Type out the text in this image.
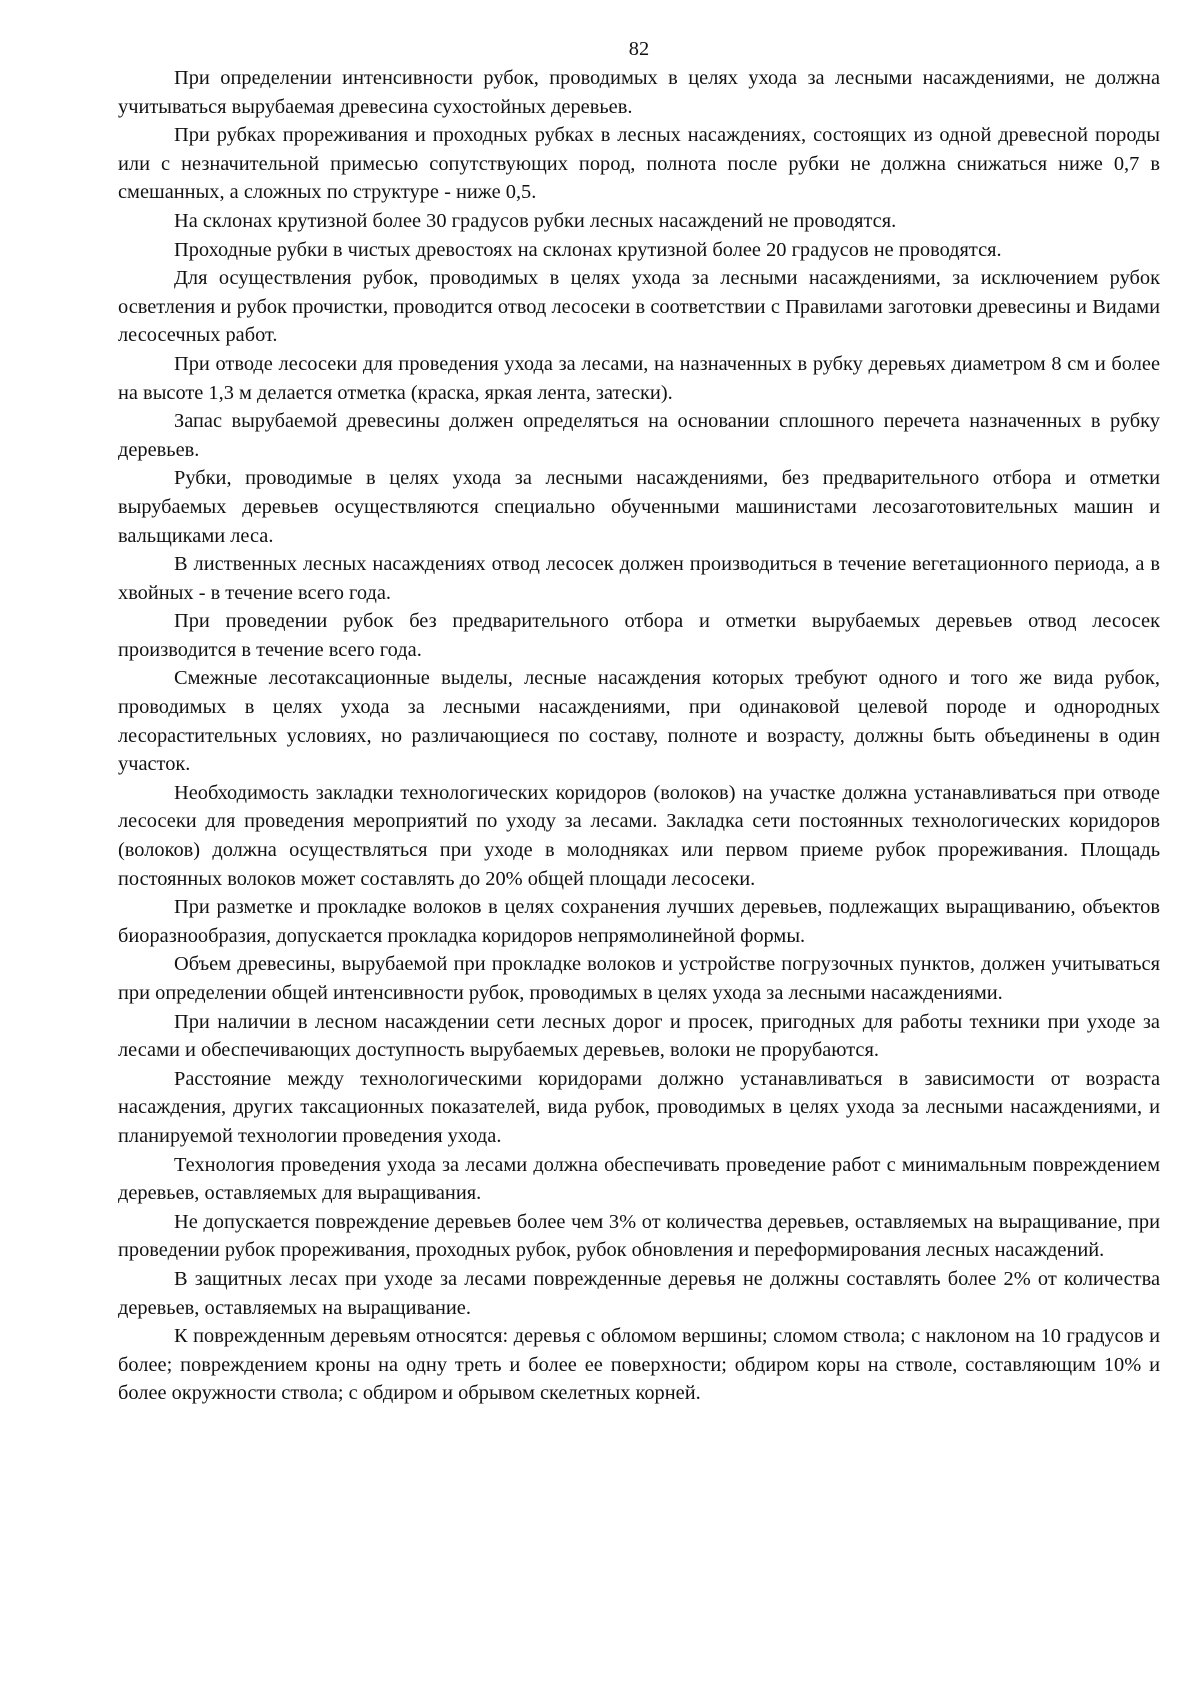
82

При определении интенсивности рубок, проводимых в целях ухода за лесными насаждениями, не должна учитываться вырубаемая древесина сухостойных деревьев.

При рубках прореживания и проходных рубках в лесных насаждениях, состоящих из одной древесной породы или с незначительной примесью сопутствующих пород, полнота после рубки не должна снижаться ниже 0,7 в смешанных, а сложных по структуре - ниже 0,5.

На склонах крутизной более 30 градусов рубки лесных насаждений не проводятся.

Проходные рубки в чистых древостоях на склонах крутизной более 20 градусов не проводятся.

Для осуществления рубок, проводимых в целях ухода за лесными насаждениями, за исключением рубок осветления и рубок прочистки, проводится отвод лесосеки в соответствии с Правилами заготовки древесины и Видами лесосечных работ.

При отводе лесосеки для проведения ухода за лесами, на назначенных в рубку деревьях диаметром 8 см и более на высоте 1,3 м делается отметка (краска, яркая лента, затески).

Запас вырубаемой древесины должен определяться на основании сплошного перечета назначенных в рубку деревьев.

Рубки, проводимые в целях ухода за лесными насаждениями, без предварительного отбора и отметки вырубаемых деревьев осуществляются специально обученными машинистами лесозаготовительных машин и вальщиками леса.

В лиственных лесных насаждениях отвод лесосек должен производиться в течение вегетационного периода, а в хвойных - в течение всего года.

При проведении рубок без предварительного отбора и отметки вырубаемых деревьев отвод лесосек производится в течение всего года.

Смежные лесотаксационные выделы, лесные насаждения которых требуют одного и того же вида рубок, проводимых в целях ухода за лесными насаждениями, при одинаковой целевой породе и однородных лесорастительных условиях, но различающиеся по составу, полноте и возрасту, должны быть объединены в один участок.

Необходимость закладки технологических коридоров (волоков) на участке должна устанавливаться при отводе лесосеки для проведения мероприятий по уходу за лесами. Закладка сети постоянных технологических коридоров (волоков) должна осуществляться при уходе в молодняках или первом приеме рубок прореживания. Площадь постоянных волоков может составлять до 20% общей площади лесосеки.

При разметке и прокладке волоков в целях сохранения лучших деревьев, подлежащих выращиванию, объектов биоразнообразия, допускается прокладка коридоров непрямолинейной формы.

Объем древесины, вырубаемой при прокладке волоков и устройстве погрузочных пунктов, должен учитываться при определении общей интенсивности рубок, проводимых в целях ухода за лесными насаждениями.

При наличии в лесном насаждении сети лесных дорог и просек, пригодных для работы техники при уходе за лесами и обеспечивающих доступность вырубаемых деревьев, волоки не прорубаются.

Расстояние между технологическими коридорами должно устанавливаться в зависимости от возраста насаждения, других таксационных показателей, вида рубок, проводимых в целях ухода за лесными насаждениями, и планируемой технологии проведения ухода.

Технология проведения ухода за лесами должна обеспечивать проведение работ с минимальным повреждением деревьев, оставляемых для выращивания.

Не допускается повреждение деревьев более чем 3% от количества деревьев, оставляемых на выращивание, при проведении рубок прореживания, проходных рубок, рубок обновления и переформирования лесных насаждений.

В защитных лесах при уходе за лесами поврежденные деревья не должны составлять более 2% от количества деревьев, оставляемых на выращивание.

К поврежденным деревьям относятся: деревья с обломом вершины; сломом ствола; с наклоном на 10 градусов и более; повреждением кроны на одну треть и более ее поверхности; обдиром коры на стволе, составляющим 10% и более окружности ствола; с обдиром и обрывом скелетных корней.
